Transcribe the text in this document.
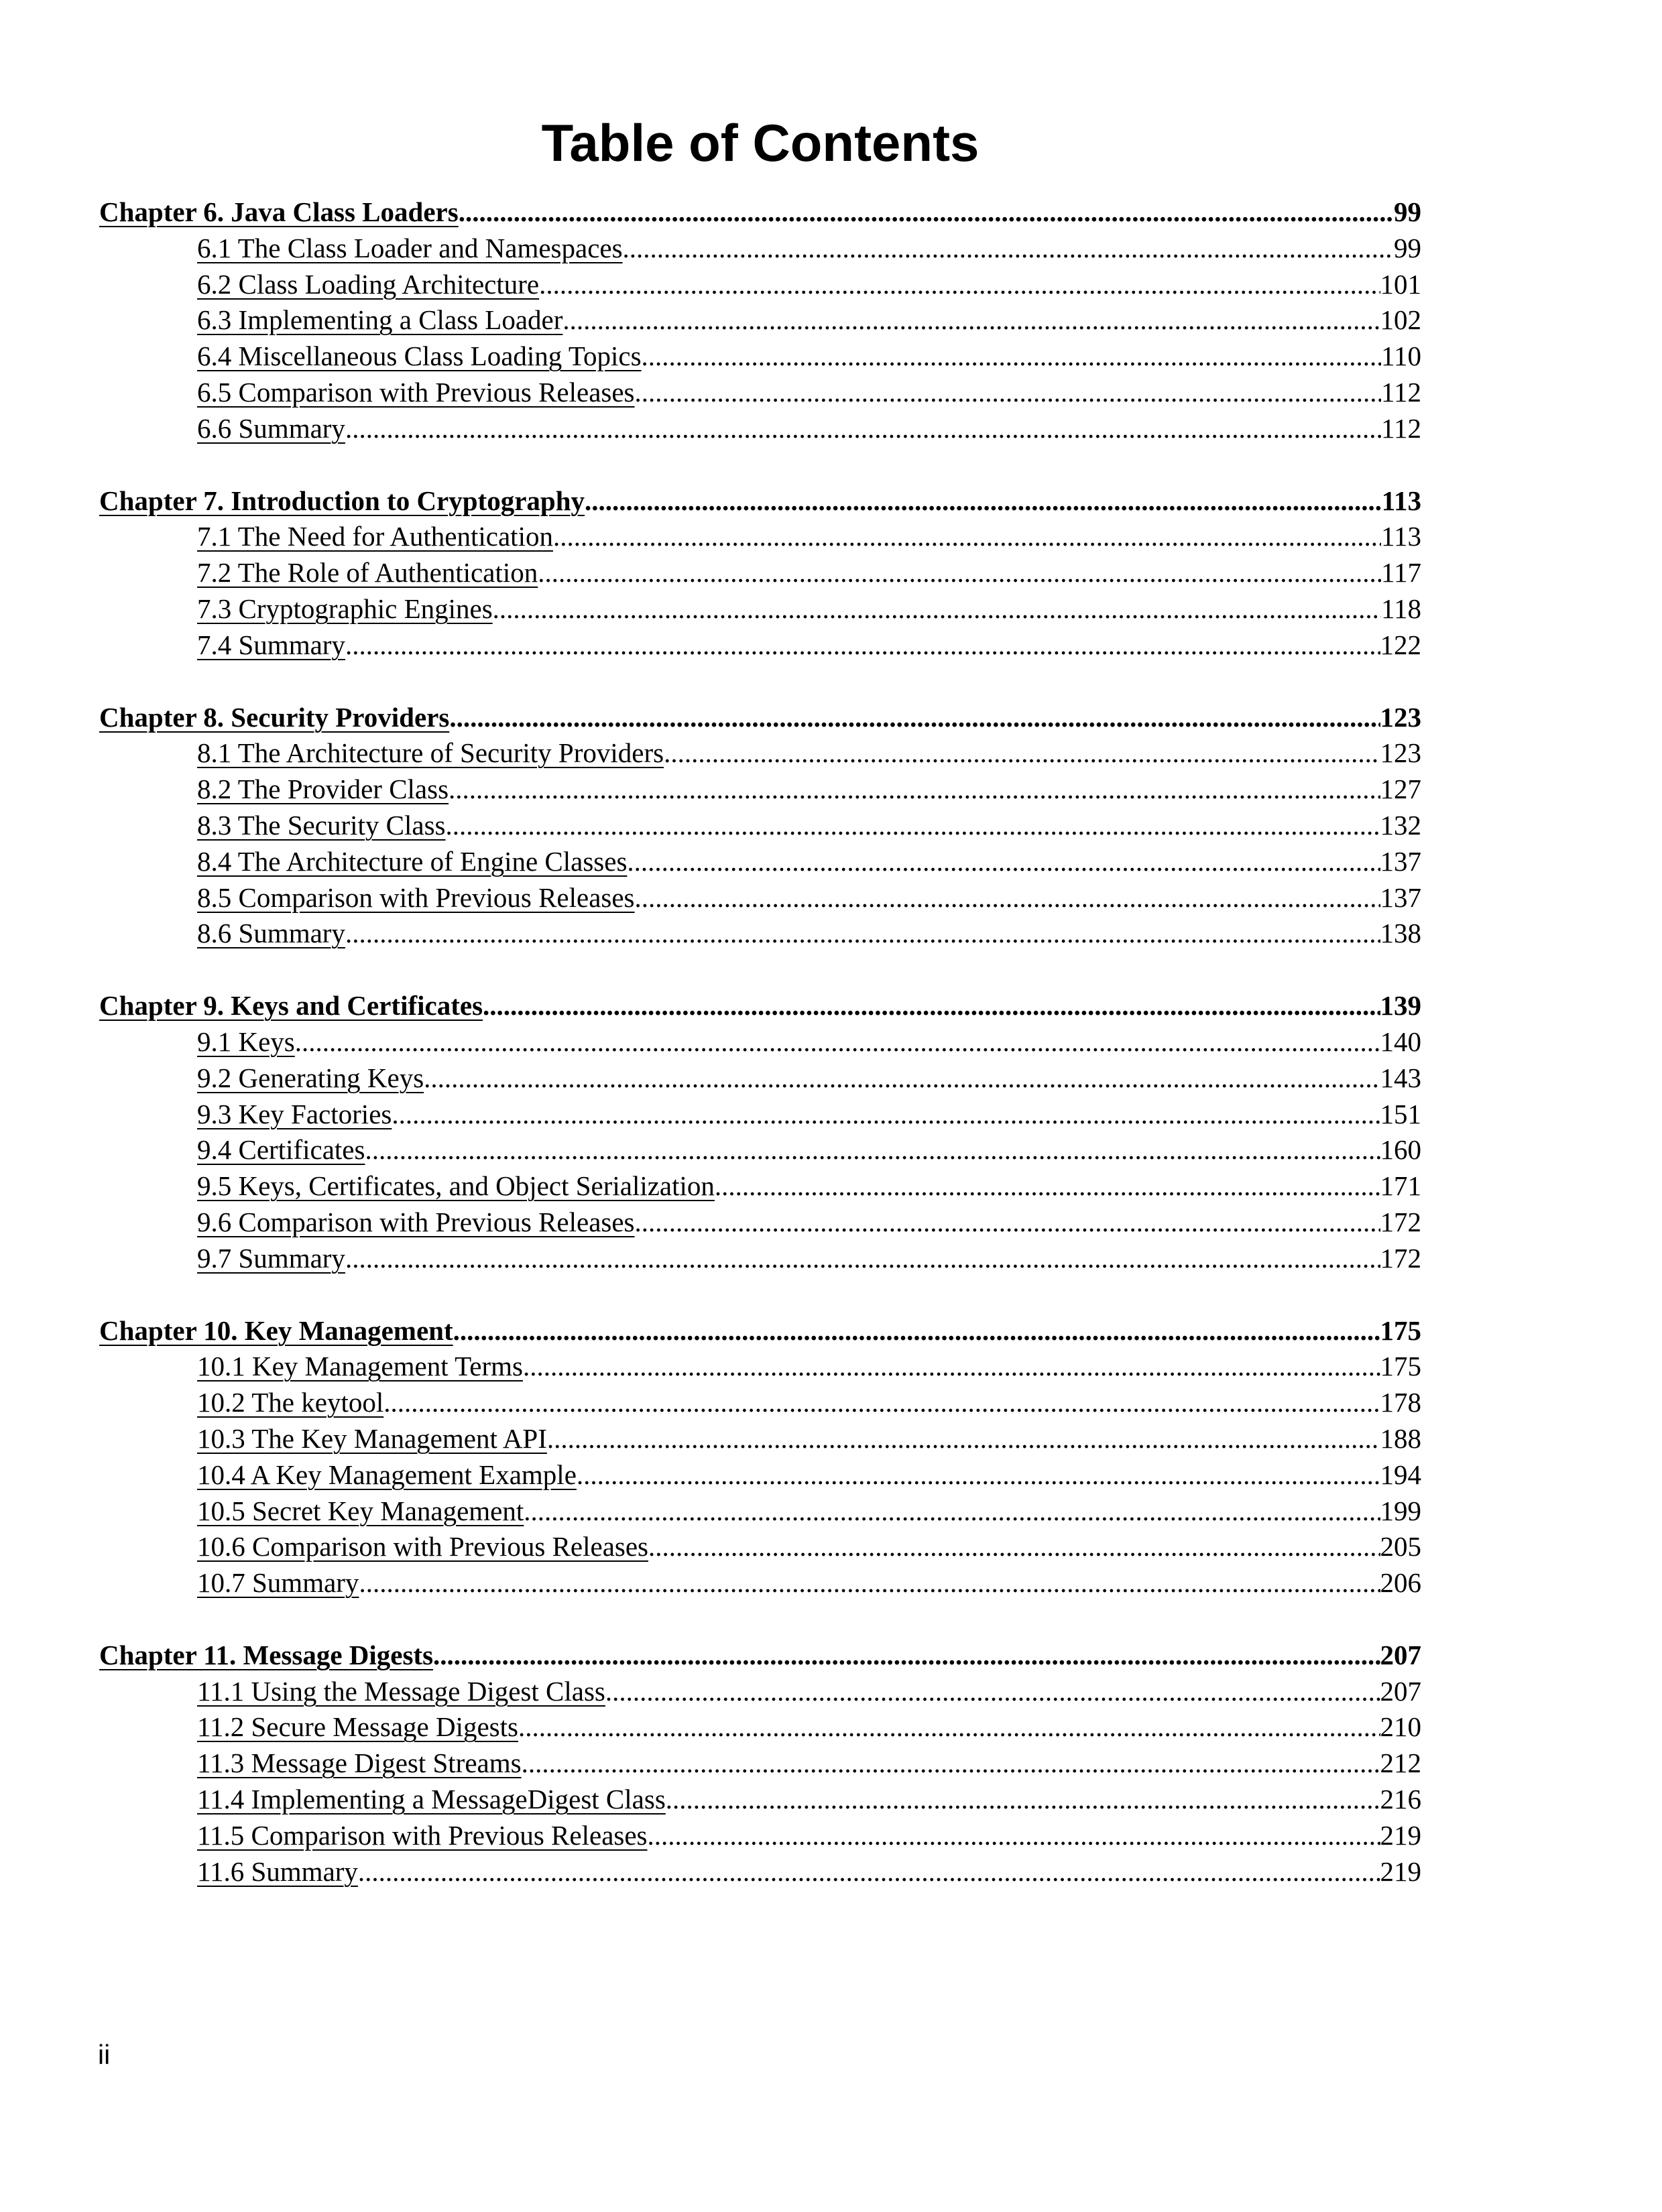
Table of Contents
Chapter 6. Java Class Loaders .....	99
6.1 The Class Loader and Namespaces .....	99
6.2 Class Loading Architecture .....	101
6.3 Implementing a Class Loader .....	102
6.4 Miscellaneous Class Loading Topics .....	110
6.5 Comparison with Previous Releases .....	112
6.6 Summary .....	112
Chapter 7. Introduction to Cryptography .....	113
7.1 The Need for Authentication .....	113
7.2 The Role of Authentication .....	117
7.3 Cryptographic Engines .....	118
7.4 Summary .....	122
Chapter 8. Security Providers .....	123
8.1 The Architecture of Security Providers .....	123
8.2 The Provider Class .....	127
8.3 The Security Class .....	132
8.4 The Architecture of Engine Classes .....	137
8.5 Comparison with Previous Releases .....	137
8.6 Summary .....	138
Chapter 9. Keys and Certificates .....	139
9.1 Keys .....	140
9.2 Generating Keys .....	143
9.3 Key Factories .....	151
9.4 Certificates .....	160
9.5 Keys, Certificates, and Object Serialization .....	171
9.6 Comparison with Previous Releases .....	172
9.7 Summary .....	172
Chapter 10. Key Management .....	175
10.1 Key Management Terms .....	175
10.2 The keytool .....	178
10.3 The Key Management API .....	188
10.4 A Key Management Example .....	194
10.5 Secret Key Management .....	199
10.6 Comparison with Previous Releases .....	205
10.7 Summary .....	206
Chapter 11. Message Digests .....	207
11.1 Using the Message Digest Class .....	207
11.2 Secure Message Digests .....	210
11.3 Message Digest Streams .....	212
11.4 Implementing a MessageDigest Class .....	216
11.5 Comparison with Previous Releases .....	219
11.6 Summary .....	219

ii
